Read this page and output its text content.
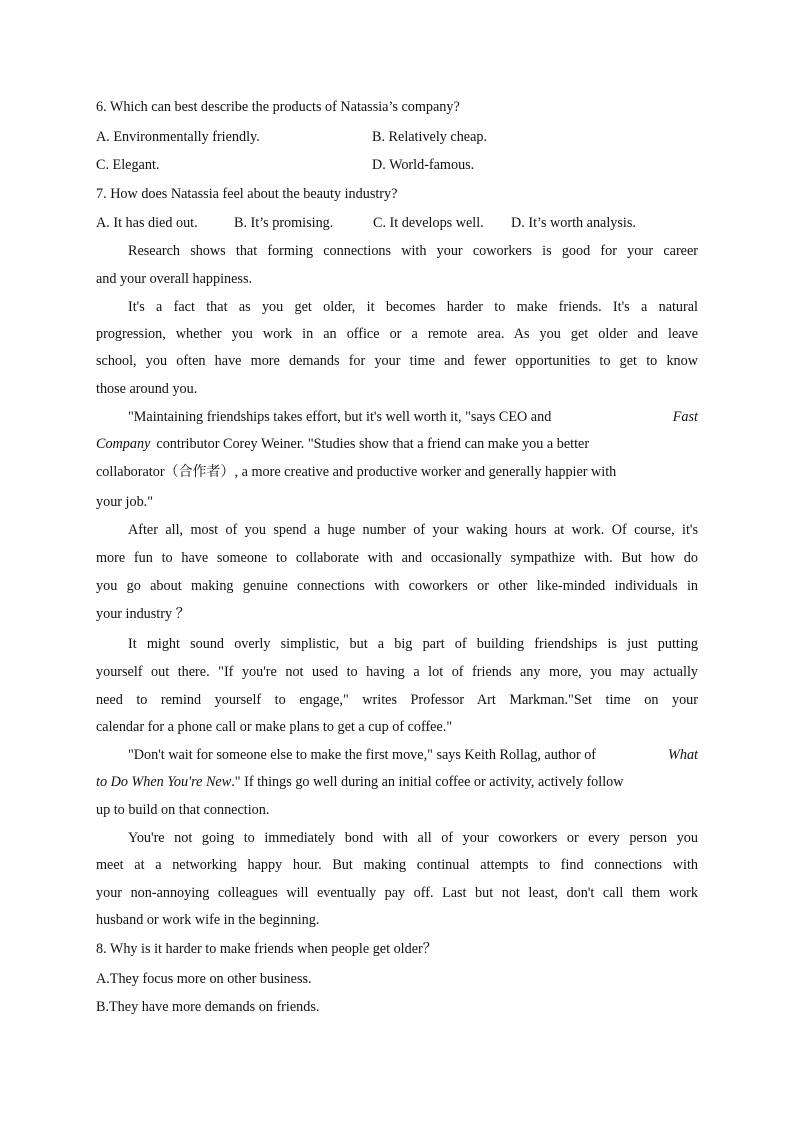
6. Which can best describe the products of Natassia’s company?
A. Environmentally friendly.	B. Relatively cheap.
C. Elegant.	D. World-famous.
7. How does Natassia feel about the beauty industry?
A. It has died out.	B. It’s promising.	C. It develops well. D. It’s worth analysis.
Research shows that forming connections with your coworkers is good for your career
and your overall happiness.
It's a fact that as you get older, it becomes harder to make friends. It's a natural
progression, whether you work in an office or a remote area. As you get older and leave
school, you often have more demands for your time and fewer opportunities to get to know
those around you.
"Maintaining friendships takes effort, but it's well worth it, "says CEO and	Fast
Company contributor Corey Weiner. "Studies show that a friend can make you a better
collaborator （合作者） , a more creative and productive worker and generally happier with
your job."
After all, most of you spend a huge number of your waking hours at work. Of course, it's
more fun to have someone to collaborate with and occasionally sympathize with. But how do
you go about making genuine connections with coworkers or other like-minded individuals in
your industry ？
It might sound overly simplistic, but a big part of building friendships is just putting
yourself out there. "If you're not used to having a lot of friends any more, you may actually
need to remind yourself to engage," writes Professor Art Markman."Set time on your
calendar for a phone call or make plans to get a cup of coffee."
"Don't wait for someone else to make the first move," says Keith Rollag, author of	What
to Do When You're New ." If things go well during an initial coffee or activity, actively follow
up to build on that connection.
You're not going to immediately bond with all of your coworkers or every person you
meet at a networking happy hour. But making continual attempts to find connections with
your non-annoying colleagues will eventually pay off. Last but not least, don't call them work
husband or work wife in the beginning.
8. Why is it harder to make friends when people get older？
A.They focus more on other business.
B.They have more demands on friends.
